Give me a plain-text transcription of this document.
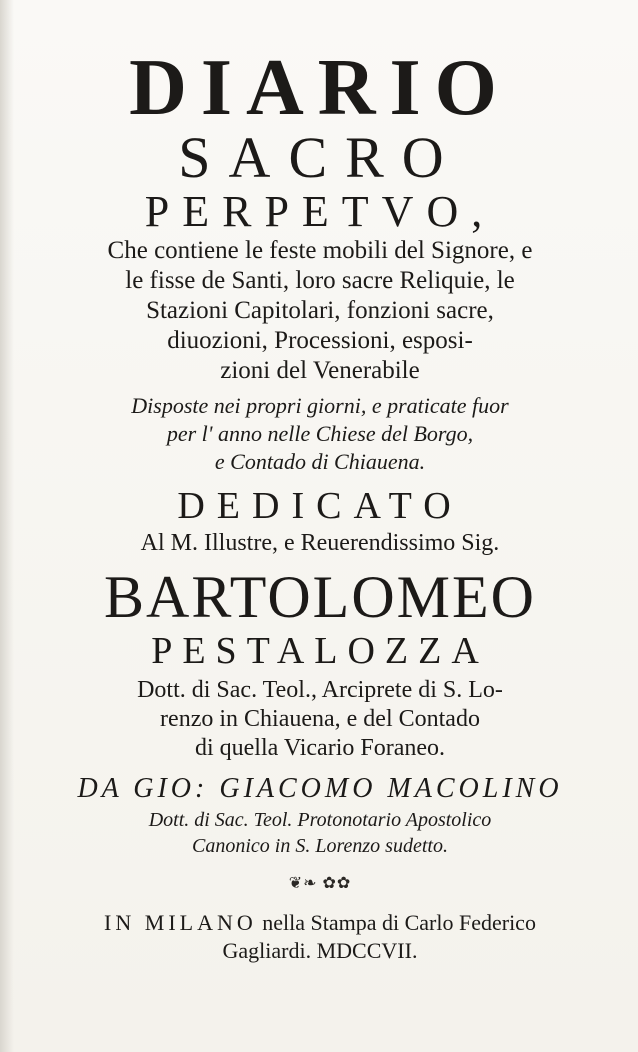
DIARIO
SACRO
PERPETVO,
Che contiene le feste mobili del Signore, e
le fisse de Santi, loro sacre Reliquie, le
Stazioni Capitolari, fonzioni sacre,
diuozioni, Processioni, esposi-
zioni del Venerabile
Disposte nei propri giorni, e praticate fuor
per l' anno nelle Chiese del Borgo,
e Contado di Chiauena.
DEDICATO
Al M. Illustre, e Reuerendissimo Sig.
BARTOLOMEO
PESTALOZZA
Dott. di Sac. Teol., Arciprete di S. Lo-
renzo in Chiauena, e del Contado
di quella Vicario Foraneo.
DA GIO: GIACOMO MACOLINO
Dott. di Sac. Teol. Protonotario Apostolico
Canonico in S. Lorenzo sudetto.
❦❧ ✿✿
IN MILANO nella Stampa di Carlo Federico
Gagliardi. MDCCVII.
